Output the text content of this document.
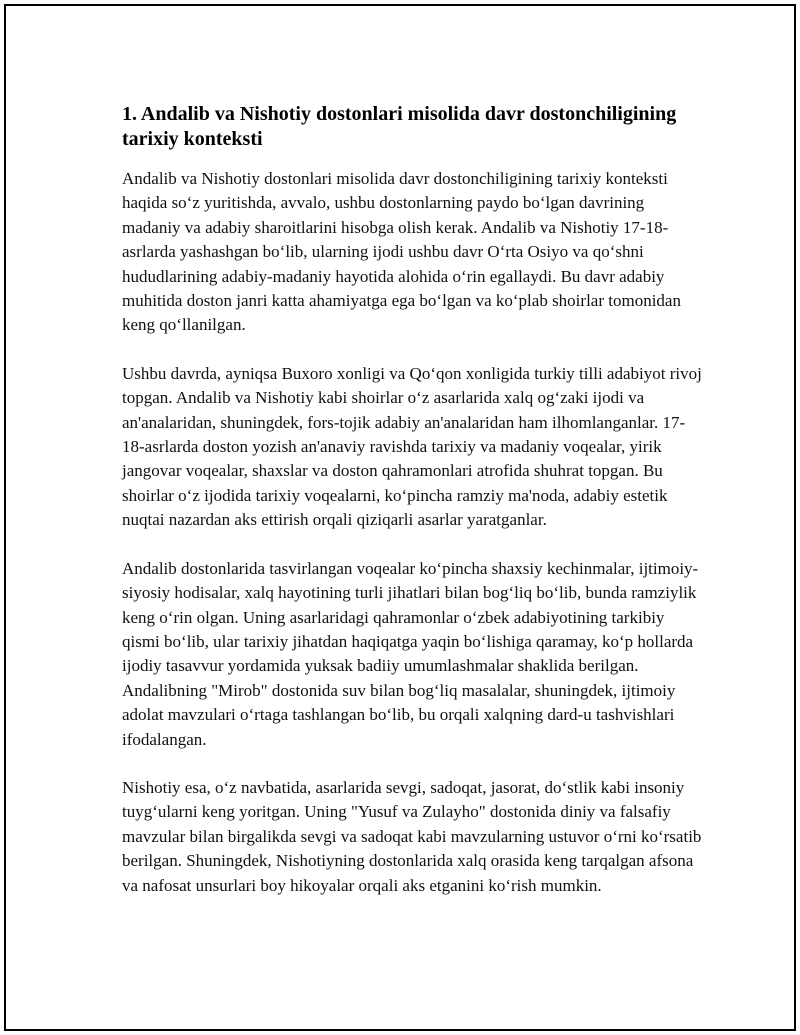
1. Andalib va Nishotiy dostonlari misolida davr dostonchiligining tarixiy konteksti

Andalib va Nishotiy dostonlari misolida davr dostonchiligining tarixiy konteksti haqida so‘z yuritishda, avvalo, ushbu dostonlarning paydo bo‘lgan davrining madaniy va adabiy sharoitlarini hisobga olish kerak. Andalib va Nishotiy 17-18-asrlarda yashashgan bo‘lib, ularning ijodi ushbu davr O‘rta Osiyo va qo‘shni hududlarining adabiy-madaniy hayotida alohida o‘rin egallaydi. Bu davr adabiy muhitida doston janri katta ahamiyatga ega bo‘lgan va ko‘plab shoirlar tomonidan keng qo‘llanilgan.

Ushbu davrda, ayniqsa Buxoro xonligi va Qo‘qon xonligida turkiy tilli adabiyot rivoj topgan. Andalib va Nishotiy kabi shoirlar o‘z asarlarida xalq og‘zaki ijodi va an'analaridan, shuningdek, fors-tojik adabiy an'analaridan ham ilhomlanganlar. 17-18-asrlarda doston yozish an'anaviy ravishda tarixiy va madaniy voqealar, yirik jangovar voqealar, shaxslar va doston qahramonlari atrofida shuhrat topgan. Bu shoirlar o‘z ijodida tarixiy voqealarni, ko‘pincha ramziy ma'noda, adabiy estetik nuqtai nazardan aks ettirish orqali qiziqarli asarlar yaratganlar.

Andalib dostonlarida tasvirlangan voqealar ko‘pincha shaxsiy kechinmalar, ijtimoiy-siyosiy hodisalar, xalq hayotining turli jihatlari bilan bog‘liq bo‘lib, bunda ramziylik keng o‘rin olgan. Uning asarlaridagi qahramonlar o‘zbek adabiyotining tarkibiy qismi bo‘lib, ular tarixiy jihatdan haqiqatga yaqin bo‘lishiga qaramay, ko‘p hollarda ijodiy tasavvur yordamida yuksak badiiy umumlashmalar shaklida berilgan. Andalibning "Mirob" dostonida suv bilan bog‘liq masalalar, shuningdek, ijtimoiy adolat mavzulari o‘rtaga tashlangan bo‘lib, bu orqali xalqning dard-u tashvishlari ifodalangan.

Nishotiy esa, o‘z navbatida, asarlarida sevgi, sadoqat, jasorat, do‘stlik kabi insoniy tuyg‘ularni keng yoritgan. Uning "Yusuf va Zulayho" dostonida diniy va falsafiy mavzular bilan birgalikda sevgi va sadoqat kabi mavzularning ustuvor o‘rni ko‘rsatib berilgan. Shuningdek, Nishotiyning dostonlarida xalq orasida keng tarqalgan afsona va nafosat unsurlari boy hikoyalar orqali aks etganini ko‘rish mumkin.
